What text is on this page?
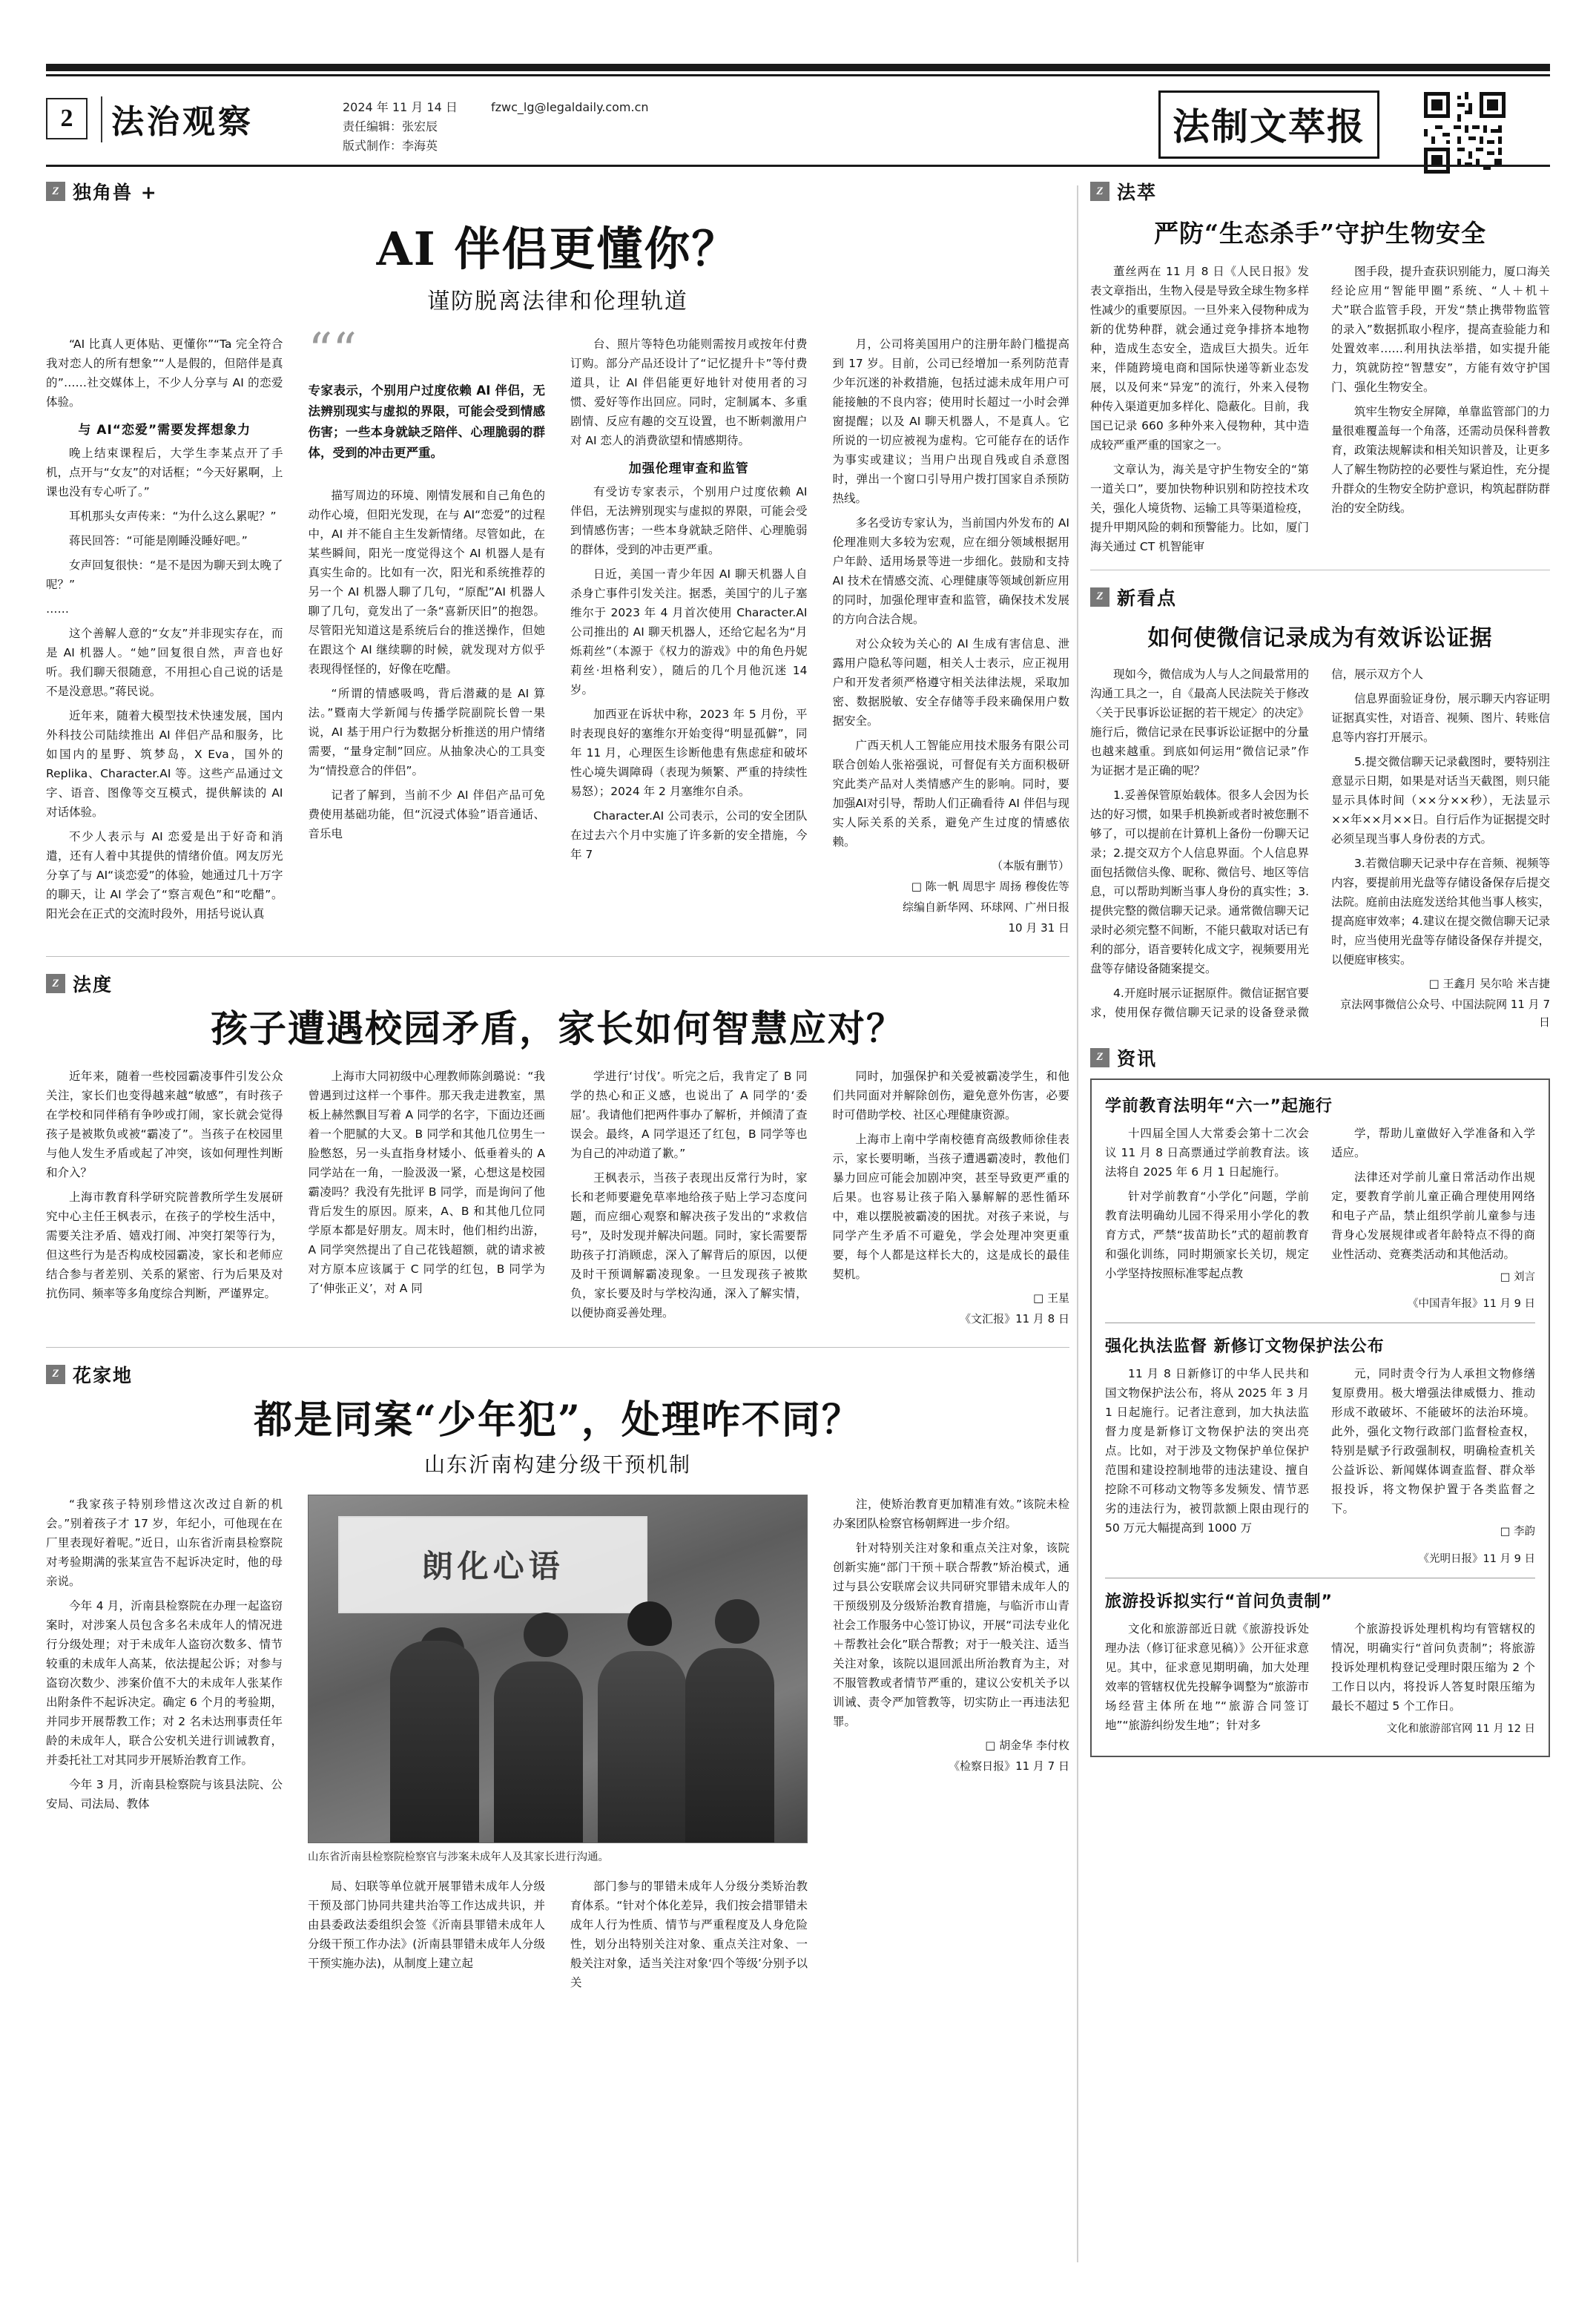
2	法治观察	2024 年 11 月 14 日
责任编辑：张宏辰
版式制作：李海英
fzwc_lg@legaldaily.com.cn	法制文萃报
Z 独角兽 +
AI 伴侣更懂你？
谨防脱离法律和伦理轨道

“AI 比真人更体贴、更懂你”“Ta 完全符合我对恋人的所有想象”“人是假的，但陪伴是真的”……社交媒体上，不少人分享与 AI 的恋爱体验。

与 AI“恋爱”需要发挥想象力

晚上结束课程后，大学生李某点开了手机，点开与“女友”的对话框；“今天好累啊，上课也没有专心听了。”

耳机那头女声传来：“为什么这么累呢？”

蒋民回答：“可能是刚睡没睡好吧。”

女声回复很快：“是不是因为聊天到太晚了呢？”

……

这个善解人意的“女友”并非现实存在，而是 AI 机器人。“她”回复很自然，声音也好听。我们聊天很随意，不用担心自己说的话是不是没意思。”蒋民说。

近年来，随着大模型技术快速发展，国内外科技公司陆续推出 AI 伴侣产品和服务，比如国内的星野、筑梦岛，X Eva，国外的 Replika、Character.AI 等。这些产品通过文字、语音、图像等交互模式，提供解读的 AI 对话体验。

不少人表示与 AI 恋爱是出于好奇和消遣，还有人着中其提供的情绪价值。网友厉光分享了与 AI“谈恋爱”的体验，她通过几十万字的聊天，让 AI 学会了“察言观色”和“吃醋”。阳光会在正式的交流时段外，用括号说认真

““

专家表示，个别用户过度依赖 AI 伴侣，无法辨别现实与虚拟的界限，可能会受到情感伤害；一些本身就缺乏陪伴、心理脆弱的群体，受到的冲击更严重。

描写周边的环境、刚情发展和自己角色的动作心境，但阳光发现，在与 AI“恋爱”的过程中，AI 并不能自主生发新情绪。尽管如此，在某些瞬间，阳光一度觉得这个 AI 机器人是有真实生命的。比如有一次，阳光和系统推荐的另一个 AI 机器人聊了几句，“原配”AI 机器人聊了几句，竟发出了一条“喜新厌旧”的抱怨。尽管阳光知道这是系统后台的推送操作，但她在跟这个 AI 继续聊的时候，就发现对方似乎表现得怪怪的，好像在吃醋。

“所谓的情感吸鸣，背后潜藏的是 AI 算法。”暨南大学新闻与传播学院副院长曾一果说，AI 基于用户行为数据分析推送的用户情绪需要，“量身定制”回应。从抽象决心的工具变为“情投意合的伴侣”。

记者了解到，当前不少 AI 伴侣产品可免费使用基础功能，但“沉浸式体验”语音通话、音乐电

台、照片等特色功能则需按月或按年付费订购。部分产品还设计了“记忆提升卡”等付费道具，让 AI 伴侣能更好地针对使用者的习惯、爱好等作出回应。同时，定制属本、多重剧情、反应有趣的交互设置，也不断刺激用户对 AI 恋人的消费欲望和情感期待。

加强伦理审查和监管

有受访专家表示，个别用户过度依赖 AI 伴侣，无法辨别现实与虚拟的界限，可能会受到情感伤害；一些本身就缺乏陪伴、心理脆弱的群体，受到的冲击更严重。

日近，美国一青少年因 AI 聊天机器人自杀身亡事件引发关注。据悉，美国宁的儿子塞维尔于 2023 年 4 月首次使用 Character.AI 公司推出的 AI 聊天机器人，还给它起名为“月烁莉丝”（本源于《权力的游戏》中的角色丹妮莉丝·坦格利安），随后的几个月他沉迷 14 岁。

加西亚在诉状中称，2023 年 5 月份，平时表现良好的塞维尔开始变得“明显孤僻”，同年 11 月，心理医生诊断他患有焦虑症和破坏性心境失调障碍（表现为频繁、严重的持续性易怒）；2024 年 2 月塞维尔自杀。

Character.AI 公司表示，公司的安全团队在过去六个月中实施了许多新的安全措施，今年 7

月，公司将美国用户的注册年龄门槛提高到 17 岁。目前，公司已经增加一系列防范青少年沉迷的补救措施，包括过滤未成年用户可能接触的不良内容；使用时长超过一小时会弹窗提醒；以及 AI 聊天机器人，不是真人。它所说的一切应被视为虚构。它可能存在的话作为事实或建议；当用户出现自残或自杀意图时，弹出一个窗口引导用户拨打国家自杀预防热线。

多名受访专家认为，当前国内外发布的 AI 伦理准则大多较为宏观，应在细分领域根据用户年龄、适用场景等进一步细化。鼓励和支持 AI 技术在情感交流、心理健康等领域创新应用的同时，加强伦理审查和监管，确保技术发展的方向合法合规。

对公众较为关心的 AI 生成有害信息、泄露用户隐私等问题，相关人士表示，应正视用户和开发者须严格遵守相关法律法规，采取加密、数据脱敏、安全存储等手段来确保用户数据安全。

广西天机人工智能应用技术服务有限公司联合创始人张裕强说，可督促有关方面积极研究此类产品对人类情感产生的影响。同时，要加强AI对引导，帮助人们正确看待 AI 伴侣与现实人际关系的关系，避免产生过度的情感依赖。

（本版有删节）

□ 陈一帆 周思宇 周扬 穆俊佐等

综编自新华网、环球网、广州日报

10 月 31 日

Z 法度
孩子遭遇校园矛盾，家长如何智慧应对？

近年来，随着一些校园霸凌事件引发公众关注，家长们也变得越来越“敏感”，有时孩子在学校和同伴稍有争吵或打闹，家长就会觉得孩子是被欺负或被“霸凌了”。当孩子在校园里与他人发生矛盾或起了冲突，该如何理性判断和介入？

上海市教育科学研究院普教所学生发展研究中心主任王枫表示，在孩子的学校生活中，需要关注矛盾、嬉戏打闹、冲突打架等行为，但这些行为是否构成校园霸凌，家长和老师应结合参与者差别、关系的紧密、行为后果及对抗伤同、频率等多角度综合判断，严谨界定。

上海市大同初级中心理教师陈剑璐说：“我曾遇到过这样一个事件。那天我走进教室，黑板上赫然飘目写着 A 同学的名字，下面边还画着一个肥腻的大叉。B 同学和其他几位男生一脸憋怒，另一头直指身材矮小、低垂着头的 A 同学站在一角，一脸汲汲一紧，心想这是校园霸凌吗？我没有先批评 B 同学，而是询问了他背后发生的原因。原来，A、B 和其他几位同学原本都是好朋友。周末时，他们相约出游，A 同学突然提出了自己花钱超额，就的请求被对方原本应该属于 C 同学的红包，B 同学为了‘伸张正义’，对 A 同

学进行‘讨伐’。听完之后，我肯定了 B 同学的热心和正义感，也说出了 A 同学的‘委屈’。我请他们把两件事办了解析，并倾清了查误会。最终，A 同学退还了红包，B 同学等也为自己的冲动道了歉。”

王枫表示，当孩子表现出反常行为时，家长和老师要避免草率地给孩子贴上学习态度问题，而应细心观察和解决孩子发出的“求救信号”，及时发现并解决问题。同时，家长需要帮助孩子打消顾虑，深入了解背后的原因，以便及时干预调解霸凌现象。一旦发现孩子被欺负，家长要及时与学校沟通，深入了解实情，以便协商妥善处理。

同时，加强保护和关爱被霸凌学生，和他们共同面对并解除创伤，避免意外伤害，必要时可借助学校、社区心理健康资源。

上海市上南中学南校德育高级教师徐佳表示，家长要明晰，当孩子遭遇霸凌时，教他们暴力回应可能会加剧冲突，甚至导致更严重的后果。也容易让孩子陷入暴解解的恶性循环中，难以摆脱被霸凌的困扰。对孩子来说，与同学产生矛盾不可避免，学会处理冲突更重要，每个人都是这样长大的，这是成长的最佳契机。

□ 王星

《文汇报》11 月 8 日

Z 花家地
都是同案“少年犯”，处理咋不同？
山东沂南构建分级干预机制

“我家孩子特别珍惜这次改过自新的机会。”别着孩子才 17 岁，年纪小，可他现在在厂里表现好着呢。”近日，山东省沂南县检察院对考验期满的张某宣告不起诉决定时，他的母亲说。

今年 4 月，沂南县检察院在办理一起盗窃案时，对涉案人员包含多名未成年人的情况进行分级处理；对于未成年人盗窃次数多、情节较重的未成年人高某，依法提起公诉；对参与盗窃次数少、涉案价值不大的未成年人张某作出附条件不起诉决定。确定 6 个月的考验期，并同步开展帮教工作；对 2 名未达刑事责任年龄的未成年人，联合公安机关进行训诫教育，并委托社工对其同步开展矫治教育工作。

今年 3 月，沂南县检察院与该县法院、公安局、司法局、教体

朗化心语
山东省沂南县检察院检察官与涉案未成年人及其家长进行沟通。

局、妇联等单位就开展罪错未成年人分级干预及部门协同共建共治等工作达成共识，并由县委政法委组织会签《沂南县罪错未成年人分级干预工作办法》(沂南县罪错未成年人分级干预实施办法)，从制度上建立起

部门参与的罪错未成年人分级分类矫治教育体系。“针对个体化差异，我们按会措罪错未成年人行为性质、情节与严重程度及人身危险性，划分出特别关注对象、重点关注对象、一般关注对象，适当关注对象‘四个等级’分别予以关

注，使矫治教育更加精准有效。”该院未检办案团队检察官杨朝辉进一步介绍。

针对特别关注对象和重点关注对象，该院创新实施“部门干预＋联合帮教”矫治模式，通过与县公安联席会议共同研究罪错未成年人的干预级别及分级矫治教育措施，与临沂市山青社会工作服务中心签订协议，开展“司法专业化＋帮教社会化”联合帮教；对于一般关注、适当关注对象，该院以退回派出所治教育为主，对不服管教或者情节严重的，建议公安机关予以训诫、责令严加管教等，切实防止一再违法犯罪。

□ 胡金华 李付枚

《检察日报》11 月 7 日

Z 法萃
严防“生态杀手”守护生物安全

董丝两在 11 月 8 日《人民日报》发表文章指出，生物入侵是导致全球生物多样性减少的重要原因。一旦外来入侵物种成为新的优势种群，就会通过竞争排挤本地物种，造成生态安全，造成巨大损失。近年来，伴随跨境电商和国际快递等新业态发展，以及何来“异宠”的流行，外来入侵物种传入渠道更加多样化、隐蔽化。目前，我国已记录 660 多种外来入侵物种，其中造成较严重严重的国家之一。

文章认为，海关是守护生物安全的“第一道关口”，要加快物种识别和防控技术攻关，强化人境货物、运输工具等渠道检疫，提升甲期风险的刺和预警能力。比如，厦门海关通过 CT 机智能审

图手段，提升查获识别能力，厦口海关经论应用“智能甲圈”系统、“人＋机＋犬”联合监管手段，开发“禁止携带物监管的录入”数据抓取小程序，提高查验能力和处置效率……利用执法举措，如实提升能力，筑就防控“智慧安”，方能有效守护国门、强化生物安全。

筑牢生物安全屏障，单靠监管部门的力量很难覆盖每一个角落，还需动员保科普教育，政策法规解读和相关知识普及，让更多人了解生物防控的必要性与紧迫性，充分提升群众的生物安全防护意识，构筑起群防群治的安全防线。

Z 新看点
如何使微信记录成为有效诉讼证据

现如今，微信成为人与人之间最常用的沟通工具之一，自《最高人民法院关于修改〈关于民事诉讼证据的若干规定〉的决定》施行后，微信记录在民事诉讼证据中的分量也越来越重。到底如何运用“微信记录”作为证据才是正确的呢？

1.妥善保管原始载体。很多人会因为长达的好习惯，如果手机换新或者时被您删不够了，可以提前在计算机上备份一份聊天记录；2.提交双方个人信息界面。个人信息界面包括微信头像、昵称、微信号、地区等信息，可以帮助判断当事人身份的真实性；3.提供完整的微信聊天记录。通常微信聊天记录时必须完整不间断，不能只截取对话已有利的部分，语音要转化成文字，视频要用光盘等存储设备随案提交。

4.开庭时展示证据原件。微信证据官要求，使用保存微信聊天记录的设备登录微信，展示双方个人

信息界面验证身份，展示聊天内容证明证据真实性，对语音、视频、图片、转账信息等内容打开展示。

5.提交微信聊天记录截图时，要特别注意显示日期，如果是对话当天截图，则只能显示具体时间（××分××秒），无法显示××年××月××日。自行后作为证据提交时必须呈现当事人身份表的方式。

3.若微信聊天记录中存在音频、视频等内容，要提前用光盘等存储设备保存后提交法院。庭前由法庭发送给其他当事人核实，提高庭审效率；4.建议在提交微信聊天记录时，应当使用光盘等存储设备保存并提交，以便庭审核实。

□ 王鑫月 吴尔哈 米吉捷

京法网事微信公众号、中国法院网 11 月 7 日

Z 资讯
学前教育法明年“六一”起施行

十四届全国人大常委会第十二次会议 11 月 8 日高票通过学前教育法。该法将自 2025 年 6 月 1 日起施行。

针对学前教育“小学化”问题，学前教育法明确幼儿园不得采用小学化的教育方式，严禁“拔苗助长”式的超前教育和强化训练，同时期颁家长关切，规定小学坚持按照标准零起点教

学，帮助儿童做好入学准备和入学适应。

法律还对学前儿童日常活动作出规定，要教育学前儿童正确合理使用网络和电子产品，禁止组织学前儿童参与违背身心发展规律或者年龄特点不得的商业性活动、竞赛类活动和其他活动。

□ 刘言

《中国青年报》11 月 9 日

强化执法监督 新修订文物保护法公布

11 月 8 日新修订的中华人民共和国文物保护法公布，将从 2025 年 3 月 1 日起施行。记者注意到，加大执法监督力度是新修订文物保护法的突出亮点。比如，对于涉及文物保护单位保护范围和建设控制地带的违法建设、擅自挖除不可移动文物等多发频发、情节恶劣的违法行为，被罚款额上限由现行的 50 万元大幅提高到 1000 万

元，同时责令行为人承担文物修缮复原费用。极大增强法律威慑力、推动形成不敢破坏、不能破坏的法治环境。此外，强化文物行政部门监督检查权，特别是赋予行政强制权，明确检查机关公益诉讼、新闻媒体调查监督、群众举报投诉，将文物保护置于各类监督之下。

□ 李韵

《光明日报》11 月 9 日

旅游投诉拟实行“首问负责制”

文化和旅游部近日就《旅游投诉处理办法（修订征求意见稿）》公开征求意见。其中，征求意见期明确，加大处理效率的管辖权优先投解争调整为“旅游市场经营主体所在地”“旅游合同签订地”“旅游纠纷发生地”；针对多

个旅游投诉处理机构均有管辖权的情况，明确实行“首问负责制”；将旅游投诉处理机构登记受理时限压缩为 2 个工作日以内，将投诉人答复时限压缩为最长不超过 5 个工作日。

文化和旅游部官网 11 月 12 日
